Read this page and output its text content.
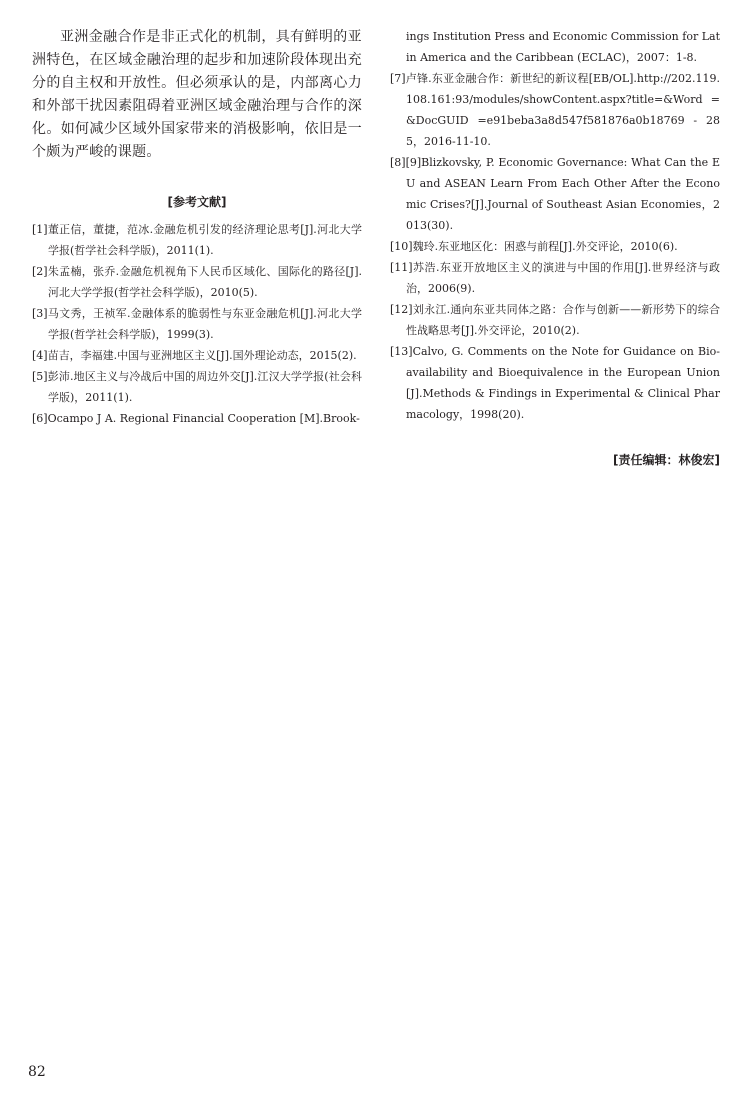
亚洲金融合作是非正式化的机制，具有鲜明的亚洲特色，在区域金融治理的起步和加速阶段体现出充分的自主权和开放性。但必须承认的是，内部离心力和外部干扰因素阻碍着亚洲区域金融治理与合作的深化。如何减少区域外国家带来的消极影响，依旧是一个颇为严峻的课题。

[参考文献]

[1]董正信，董捷，范冰.金融危机引发的经济理论思考[J].河北大学学报(哲学社会科学版)，2011(1).

[2]朱孟楠，张乔.金融危机视角下人民币区域化、国际化的路径[J].河北大学学报(哲学社会科学版)，2010(5).

[3]马文秀，王祯军.金融体系的脆弱性与东亚金融危机[J].河北大学学报(哲学社会科学版)，1999(3).

[4]苗吉，李福建.中国与亚洲地区主义[J].国外理论动态，2015(2).

[5]彭沛.地区主义与冷战后中国的周边外交[J].江汉大学学报(社会科学版)，2011(1).

[6]Ocampo J A. Regional Financial Cooperation [M].Brook-

ings Institution Press and Economic Commission for Latin America and the Caribbean (ECLAC)，2007：1-8.

[7]卢锋.东亚金融合作：新世纪的新议程[EB/OL].http://202.119.108.161:93/modules/showContent.aspx?title=&Word =&DocGUID =e91beba3a8d547f581876a0b18769 - 285，2016-11-10.

[8][9]Blizkovsky, P. Economic Governance: What Can the EU and ASEAN Learn From Each Other After the Economic Crises?[J].Journal of Southeast Asian Economies，2013(30).

[10]魏玲.东亚地区化：困惑与前程[J].外交评论，2010(6).

[11]苏浩.东亚开放地区主义的演进与中国的作用[J].世界经济与政治，2006(9).

[12]刘永江.通向东亚共同体之路：合作与创新——新形势下的综合性战略思考[J].外交评论，2010(2).

[13]Calvo, G. Comments on the Note for Guidance on Bio-availability and Bioequivalence in the European Union[J].Methods & Findings in Experimental & Clinical Pharmacology，1998(20).

[责任编辑：林俊宏]
82
